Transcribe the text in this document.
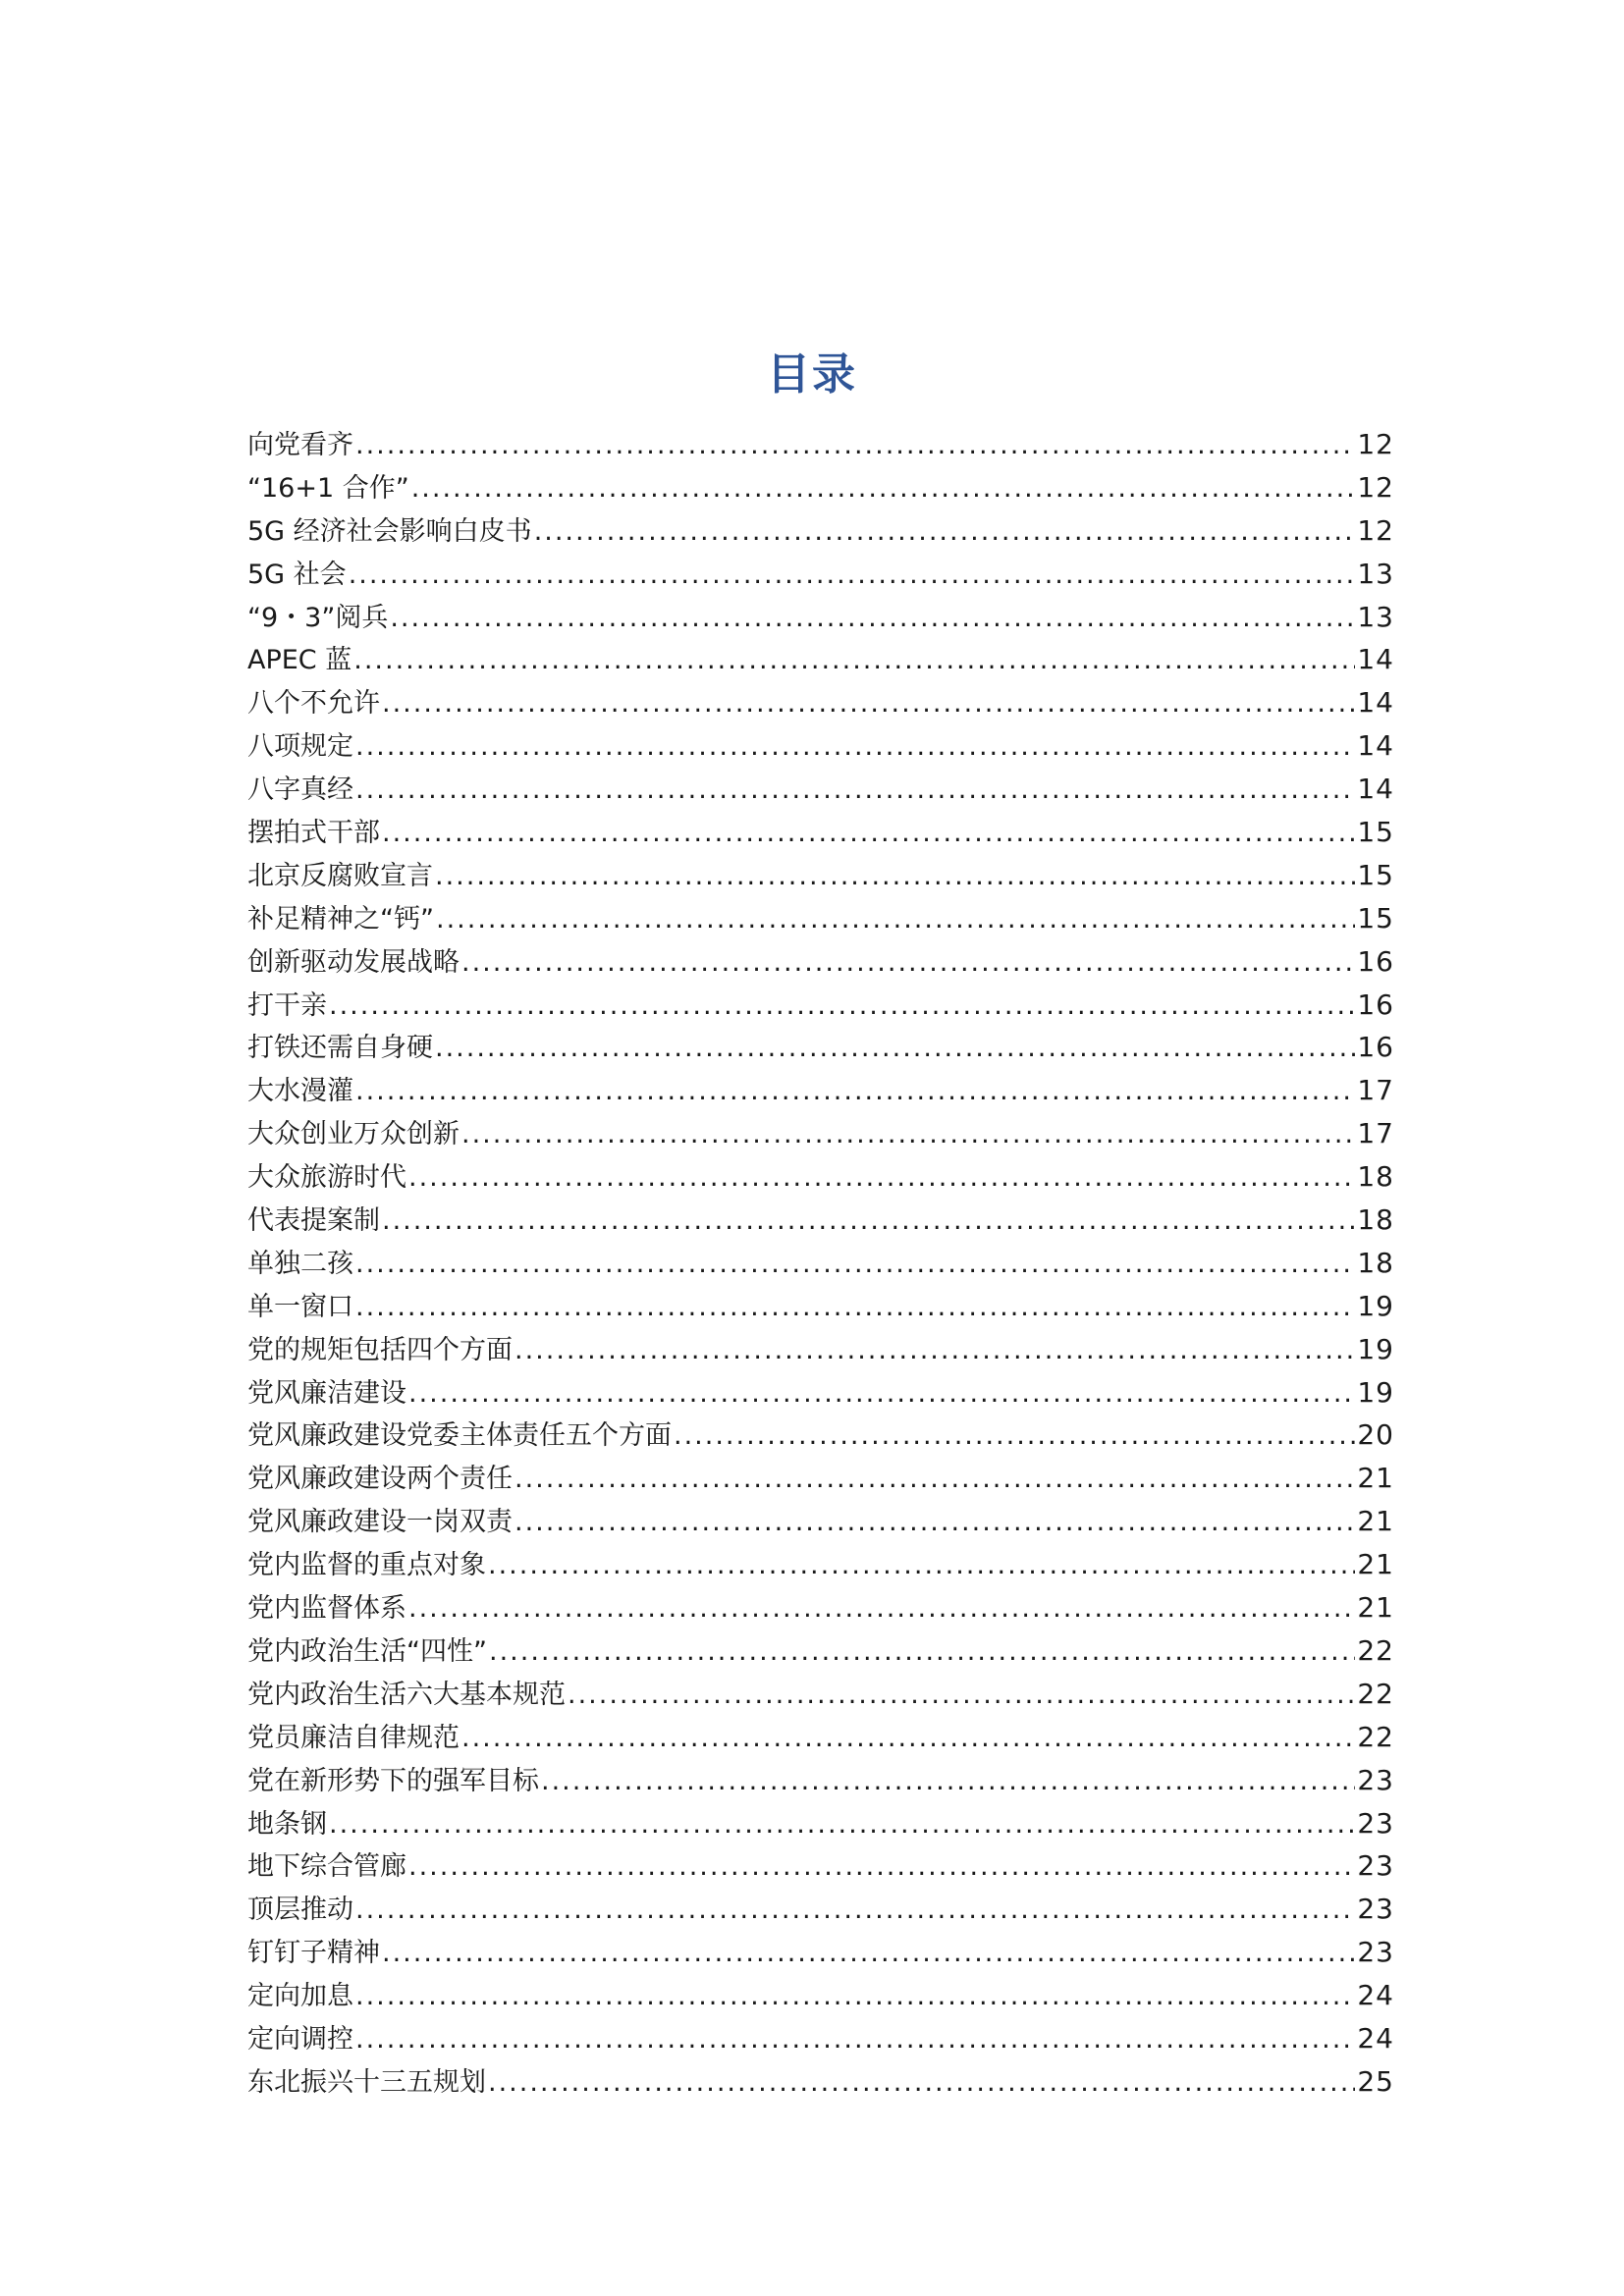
目录
向党看齐 .....	12
“16+1 合作” .....	12
5G 经济社会影响白皮书 .....	12
5G 社会 .....	13
“9・3”阅兵 .....	13
APEC 蓝 .....	14
八个不允许 .....	14
八项规定 .....	14
八字真经 .....	14
摆拍式干部 .....	15
北京反腐败宣言 .....	15
补足精神之“钙” .....	15
创新驱动发展战略 .....	16
打干亲 .....	16
打铁还需自身硬 .....	16
大水漫灌 .....	17
大众创业万众创新 .....	17
大众旅游时代 .....	18
代表提案制 .....	18
单独二孩 .....	18
单一窗口 .....	19
党的规矩包括四个方面 .....	19
党风廉洁建设 .....	19
党风廉政建设党委主体责任五个方面 .....	20
党风廉政建设两个责任 .....	21
党风廉政建设一岗双责 .....	21
党内监督的重点对象 .....	21
党内监督体系 .....	21
党内政治生活“四性” .....	22
党内政治生活六大基本规范 .....	22
党员廉洁自律规范 .....	22
党在新形势下的强军目标 .....	23
地条钢 .....	23
地下综合管廊 .....	23
顶层推动 .....	23
钉钉子精神 .....	23
定向加息 .....	24
定向调控 .....	24
东北振兴十三五规划 .....	25
